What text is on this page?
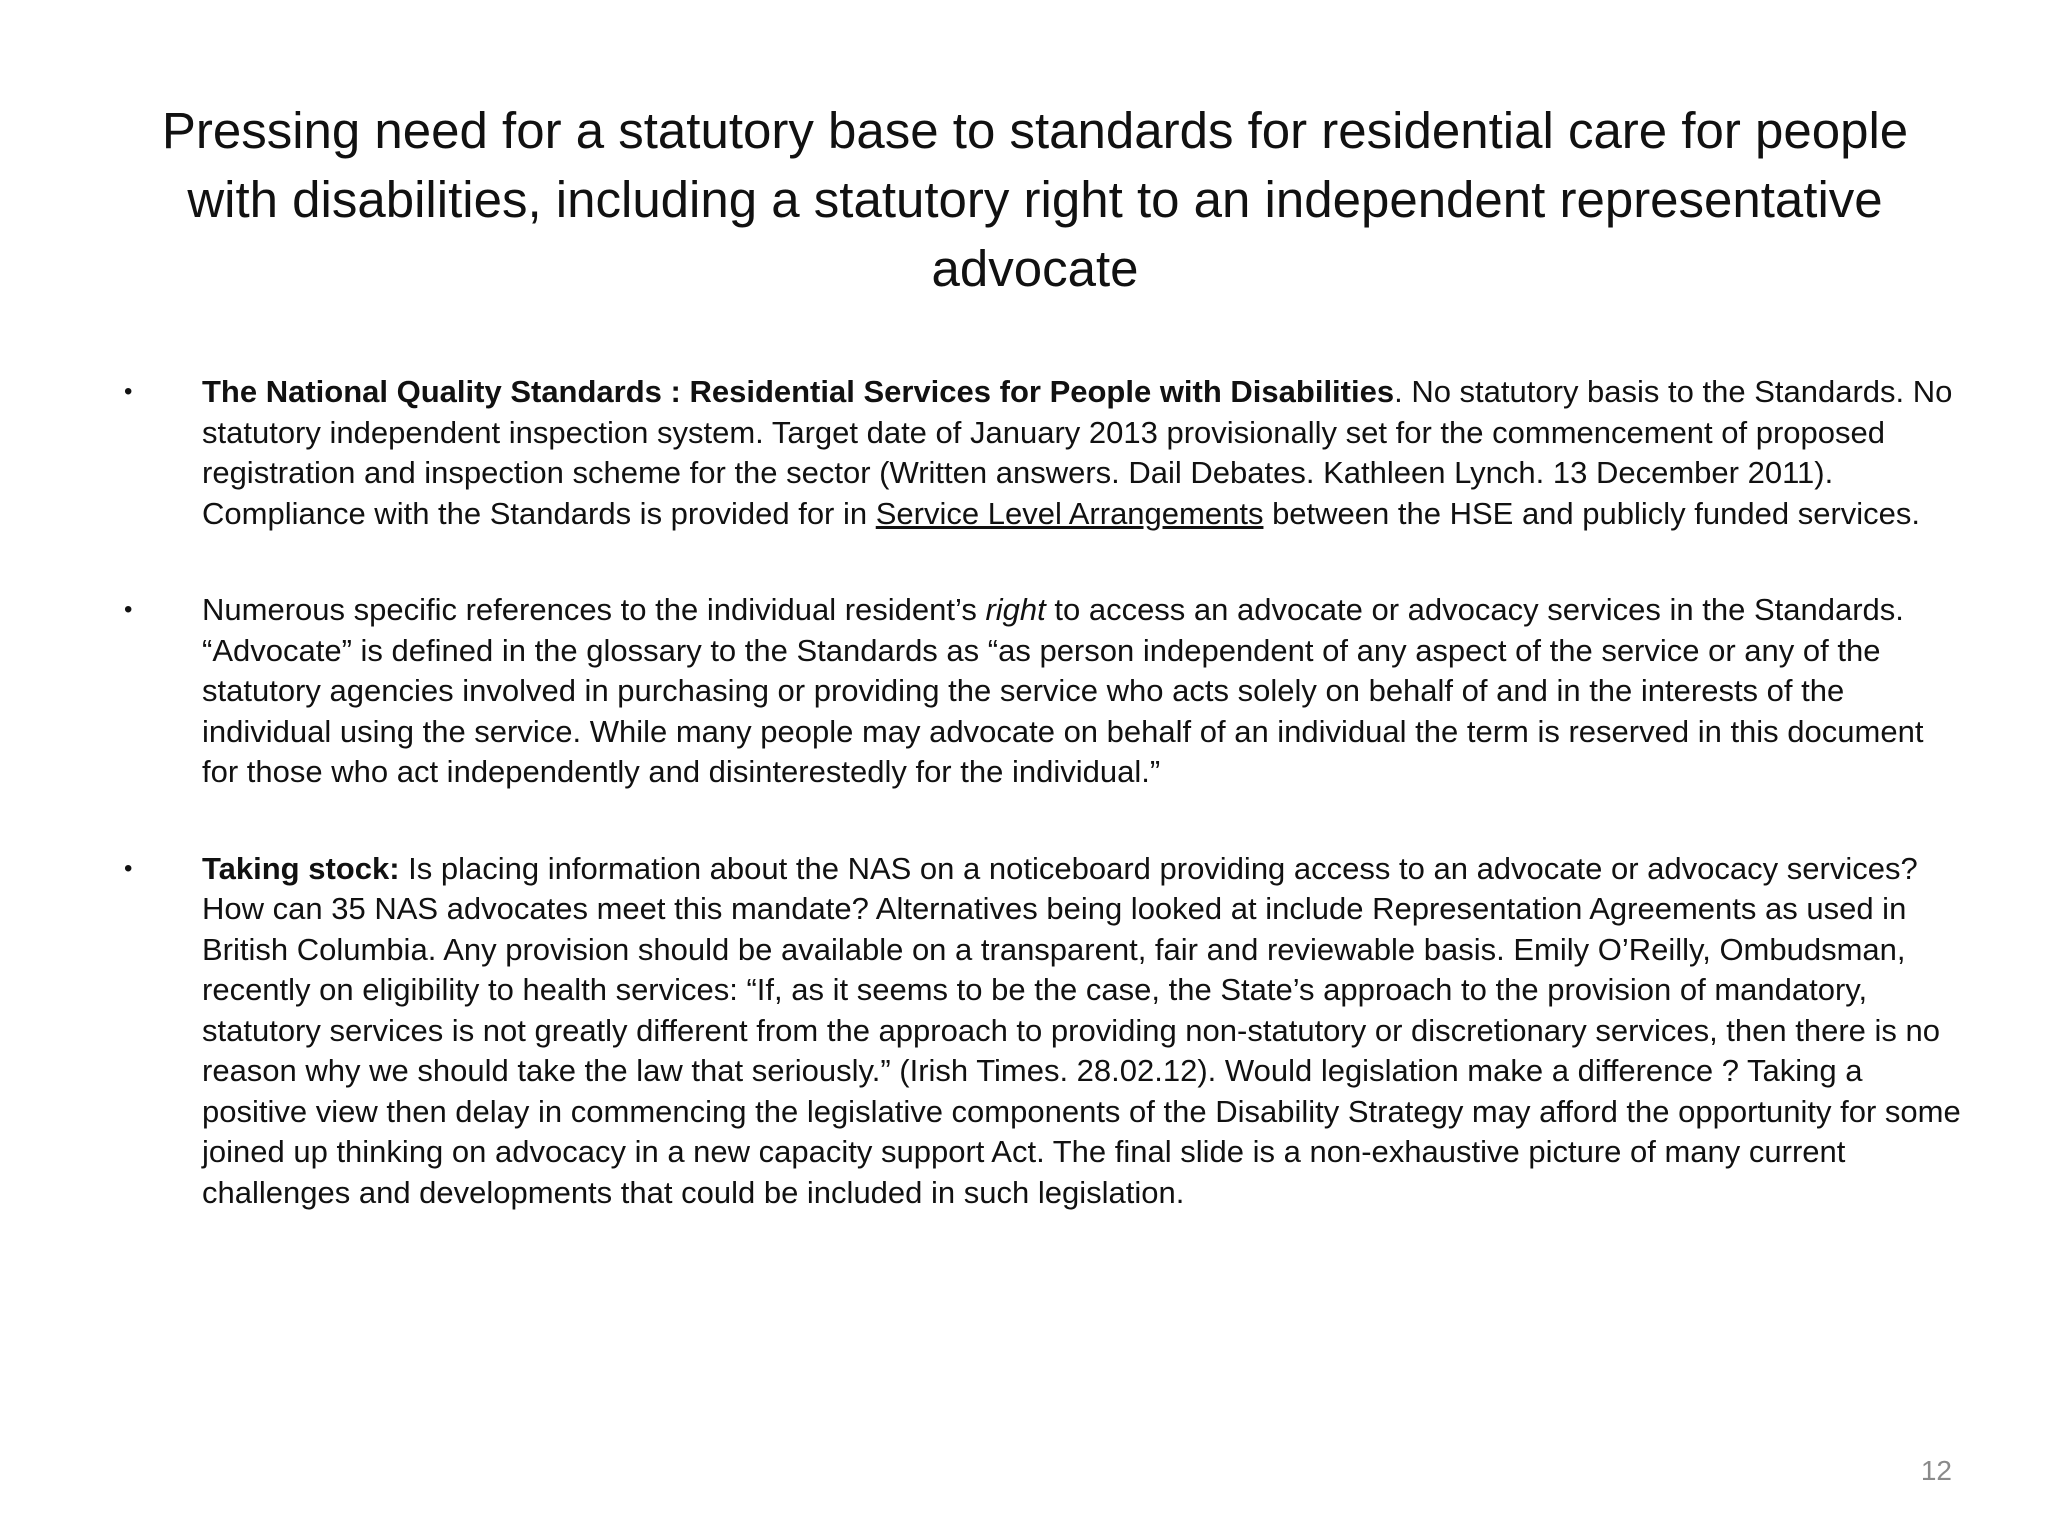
Pressing need for a statutory base to standards for residential care for people with disabilities, including a statutory right to an independent representative advocate
• The National Quality Standards : Residential Services for People with Disabilities. No statutory basis to the Standards. No statutory independent inspection system. Target date of January 2013 provisionally set for the commencement of proposed registration and inspection scheme for the sector (Written answers. Dail Debates. Kathleen Lynch. 13 December 2011). Compliance with the Standards is provided for in Service Level Arrangements between the HSE and publicly funded services.
• Numerous specific references to the individual resident’s right to access an advocate or advocacy services in the Standards. “Advocate” is defined in the glossary to the Standards as “as person independent of any aspect of the service or any of the statutory agencies involved in purchasing or providing the service who acts solely on behalf of and in the interests of the individual using the service. While many people may advocate on behalf of an individual the term is reserved in this document for those who act independently and disinterestedly for the individual.”
• Taking stock: Is placing information about the NAS on a noticeboard providing access to an advocate or advocacy services? How can 35 NAS advocates meet this mandate? Alternatives being looked at include Representation Agreements as used in British Columbia. Any provision should be available on a transparent, fair and reviewable basis. Emily O’Reilly, Ombudsman, recently on eligibility to health services: “If, as it seems to be the case, the State’s approach to the provision of mandatory, statutory services is not greatly different from the approach to providing non-statutory or discretionary services, then there is no reason why we should take the law that seriously.” (Irish Times. 28.02.12). Would legislation make a difference ? Taking a positive view then delay in commencing the legislative components of the Disability Strategy may afford the opportunity for some joined up thinking on advocacy in a new capacity support Act. The final slide is a non-exhaustive picture of many current challenges and developments that could be included in such legislation.
12
